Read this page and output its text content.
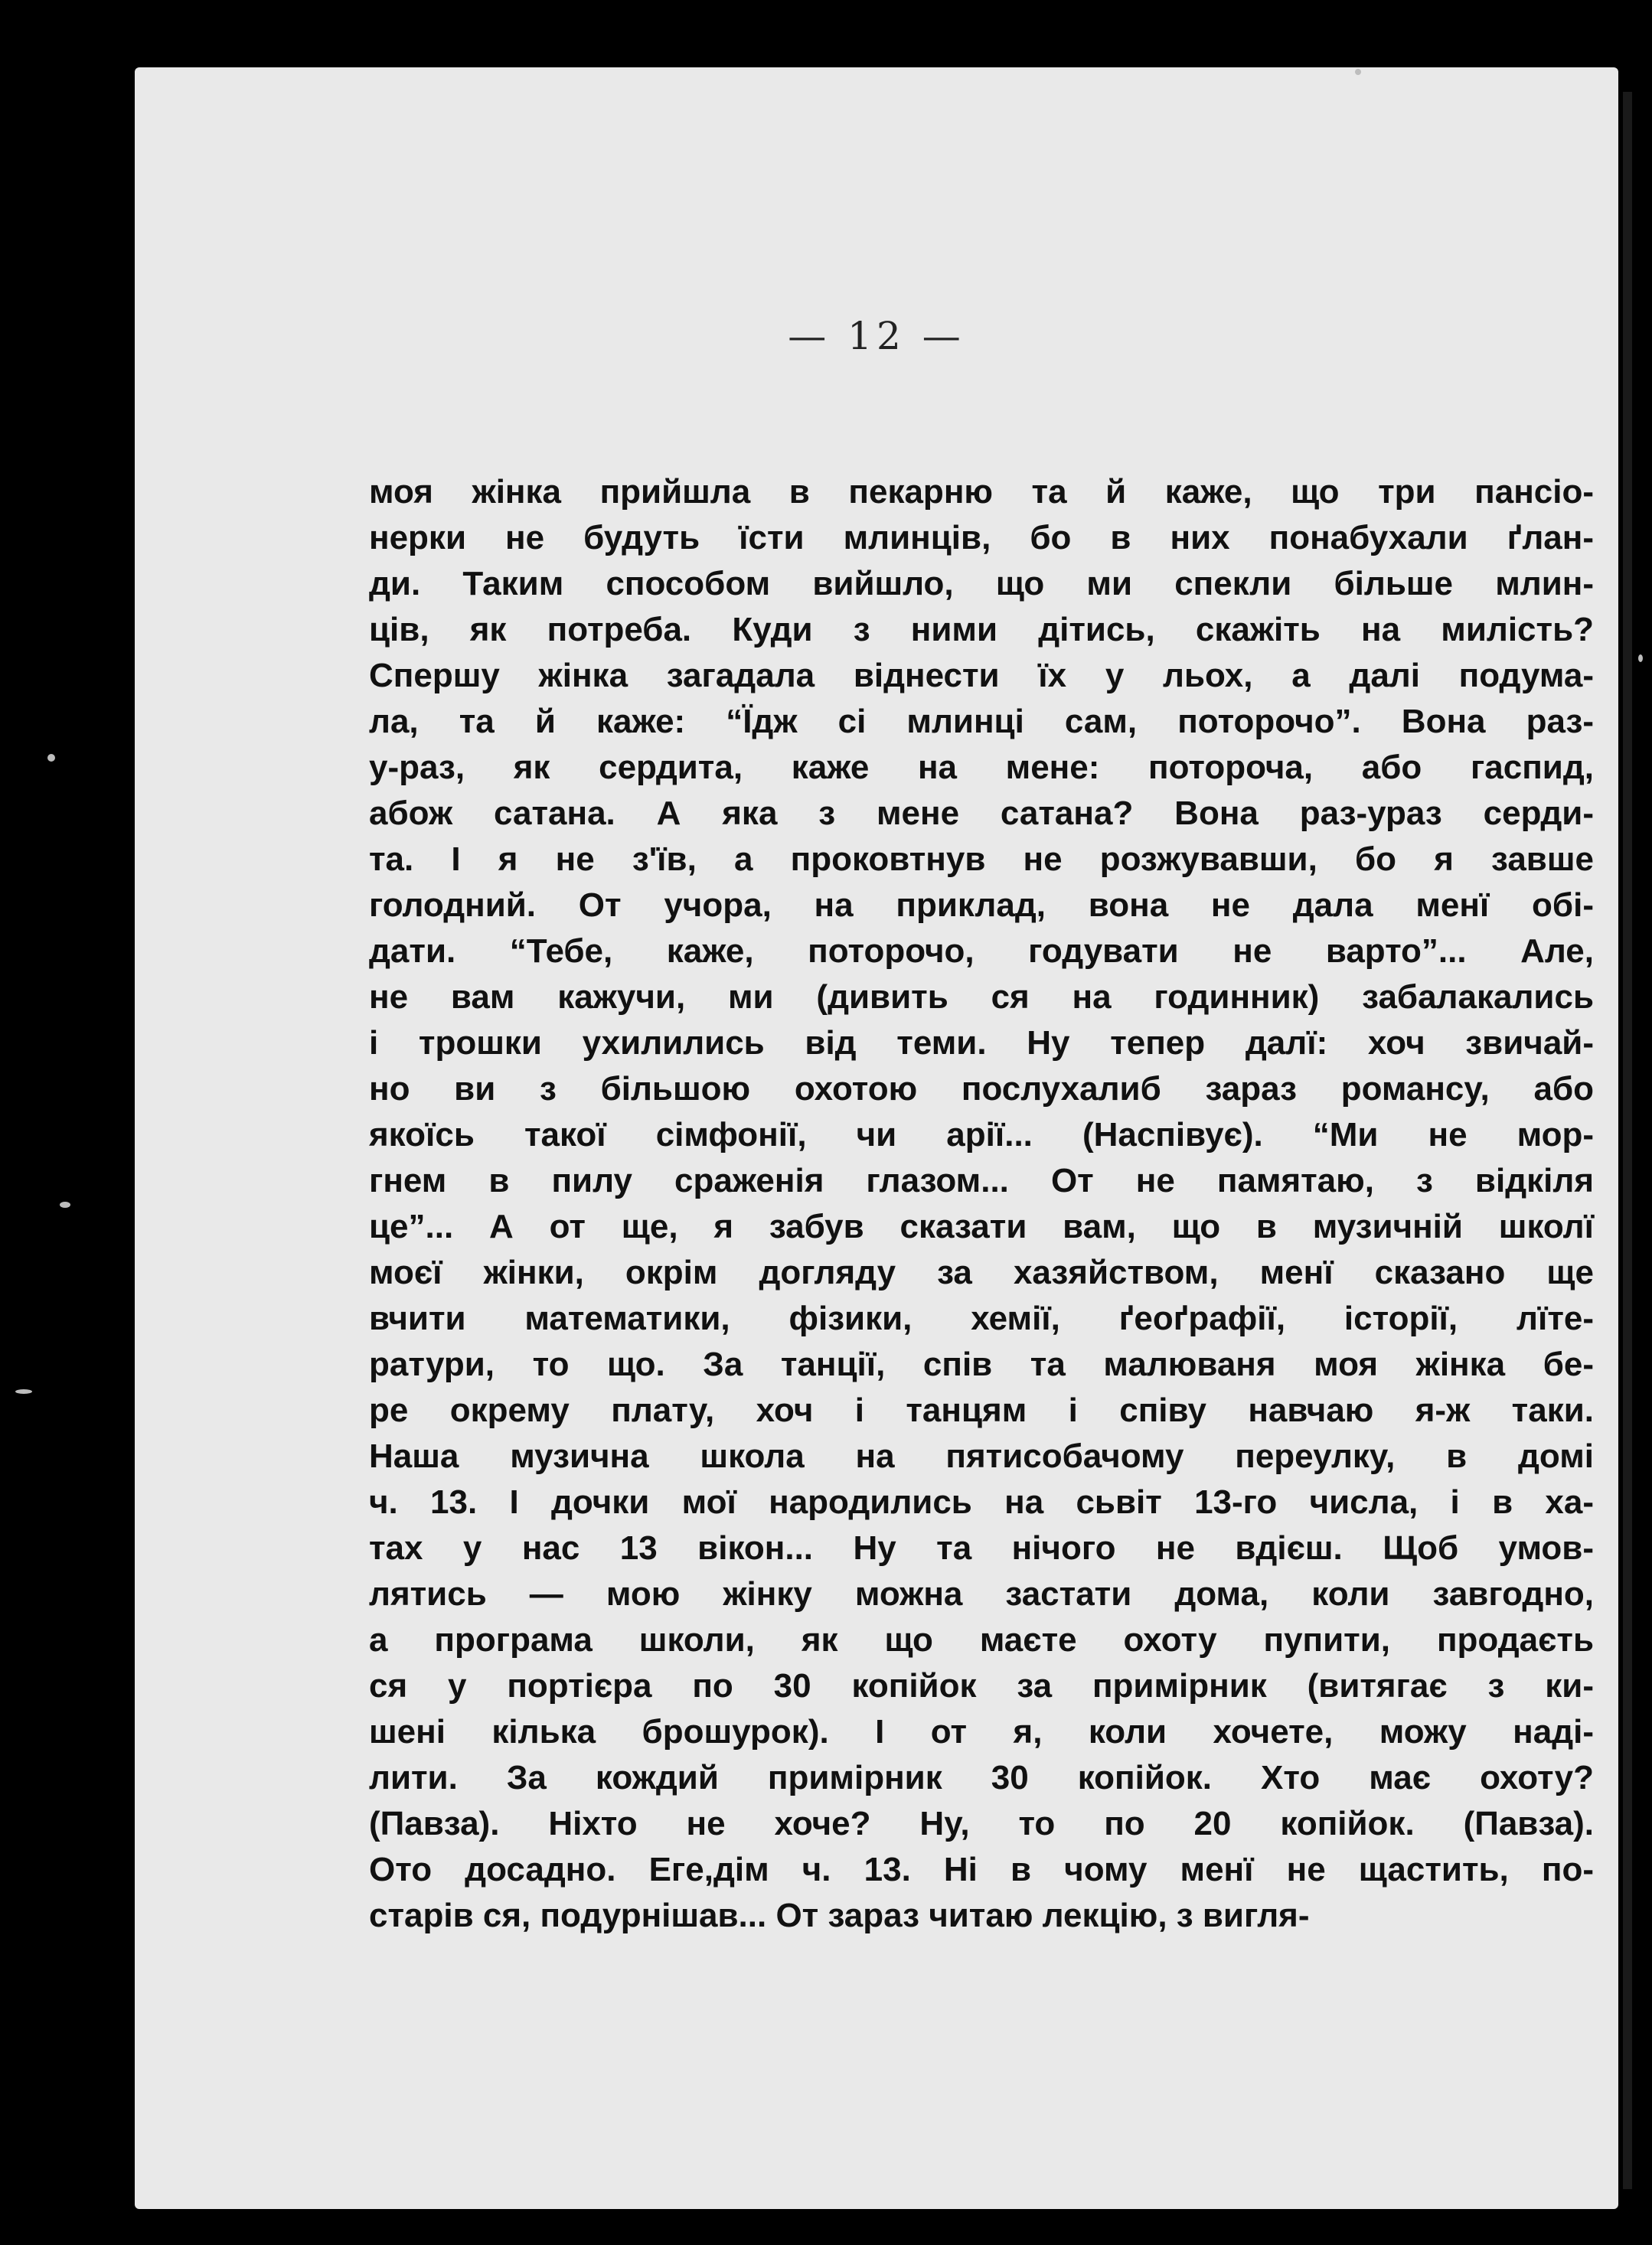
— 12 —
моя жінка прийшла в пекарню та й каже, що три пансіо-
нерки не будуть їсти млинців, бо в них понабухали ґлан-
ди. Таким способом вийшло, що ми спекли більше млин-
ців, як потреба. Куди з ними дітись, скажіть на милість?
Спершу жінка загадала віднести їх у льох, а далі подума-
ла, та й каже: “Їдж сі млинці сам, поторочо”. Вона раз-
у-раз, як сердита, каже на мене: поторочa, або гаспид,
абож сатана. А яка з мене сатана? Вона раз-ураз серди-
та. І я не з'їв, а проковтнув не розжувавши, бо я завше
голодний. От учора, на приклад, вона не дала менї обі-
дати. “Тебе, каже, поторочо, годувати не варто”... Але,
не вам кажучи, ми (дивить ся на годинник) забалакались
і трошки ухилились від теми. Ну тепер далї: хоч звичай-
но ви з більшою охотою послухалиб зараз романсу, або
якоїсь такої сімфонії, чи арії... (Наспівує). “Ми не мор-
гнем в пилу сраженія глазом... От не памятаю, з відкіля
це”... А от ще, я забув сказати вам, що в музичній школї
моєї жінки, окрім догляду за хазяйством, менї сказано ще
вчити математики, фізики, хемії, ґеоґрафії, історії, лїте-
ратури, то що. За танції, спів та малюваня моя жінка бе-
ре окрему плату, хоч і танцям і співу навчаю я-ж таки.
Наша музична школа на пятисобачому переулку, в домі
ч. 13. І дочки мої народились на сьвіт 13-го числа, і в ха-
тах у нас 13 вікон... Ну та нічого не вдієш. Щоб умов-
лятись — мою жінку можна застати дома, коли завгодно,
а програма школи, як що маєте охоту пупити, продаєть
ся у портієра по 30 копійок за примірник (витягає з ки-
шені кілька брошурок). І от я, коли хочете, можу наді-
лити. За кождий примірник 30 копійок. Хто має охоту?
(Павза). Ніхто не хоче? Ну, то по 20 копійок. (Павза).
Ото досадно. Еге,дім ч. 13. Ні в чому менї не щастить, по-
старів ся, подурнішав... От зараз читаю лекцію, з вигля-
